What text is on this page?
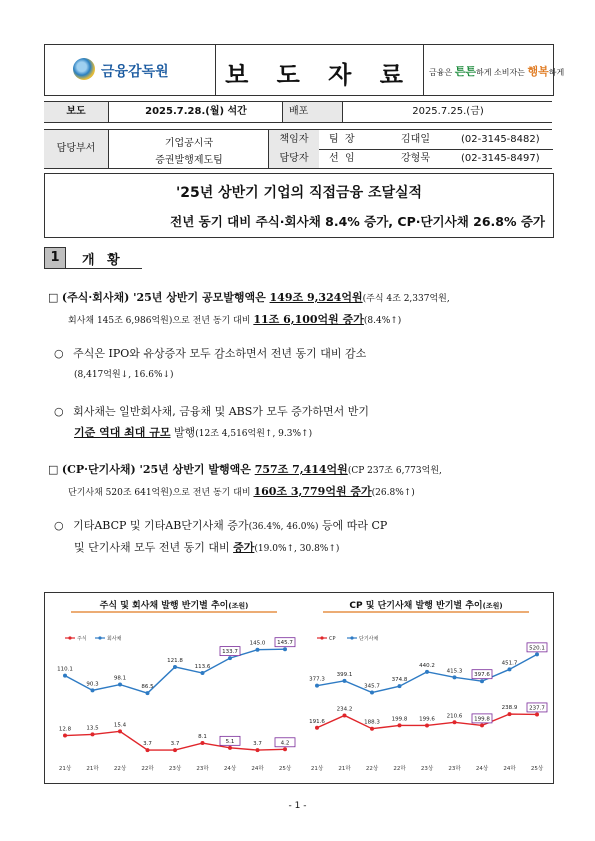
금융감독원	보 도 자 료	금융은 튼튼하게 소비자는 행복하게
보도	2025.7.28.(월) 석간	배포	2025.7.25.(금)
담당부서	기업공시국
증권발행제도팀
책임자	팀  장	김대일	(02-3145-8482)
담당자	선  임	강형묵	(02-3145-8497)
'25년 상반기 기업의 직접금융 조달실적
전년 동기 대비 주식·회사채 8.4% 증가, CP·단기사채 26.8% 증가
1	개 황
□ (주식·회사채) '25년 상반기 공모발행액은 149조 9,324억원(주식 4조 2,337억원,
회사채 145조 6,986억원)으로 전년 동기 대비 11조 6,100억원 증가(8.4%↑)
○ 주식은 IPO와 유상증자 모두 감소하면서 전년 동기 대비 감소
(8,417억원↓, 16.6%↓)
○ 회사채는 일반회사채, 금융채 및 ABS가 모두 증가하면서 반기
기준 역대 최대 규모 발행(12조 4,516억원↑, 9.3%↑)
□ (CP·단기사채) '25년 상반기 발행액은 757조 7,414억원(CP 237조 6,773억원,
단기사채 520조 641억원)으로 전년 동기 대비 160조 3,779억원 증가(26.8%↑)
○ 기타ABCP 및 기타AB단기사채 증가(36.4%, 46.0%) 등에 따라 CP
및 단기사채 모두 전년 동기 대비 증가(19.0%↑, 30.8%↑)
주식 및 회사채 발행 반기별 추이(조원)
주식	회사채
21상	21하	22상	22하	23상	23하	24상	24하	25상
12.8	13.5
15.4
3.7	3.7
8.1
5.1	3.7	4.2
110.1
90.3
98.1
86.5
121.8
113.6
133.7
145.0 145.7
CP 및 단기사채 발행 반기별 추이(조원)
CP	단기사채
21상	21하	22상	22하	23상	23하	24상	24하	25상
191.6
234.2
188.3
199.8 199.6
210.6
199.8
238.9 237.7
377.3
399.1
345.7
374.8
440.2
415.3
397.6
451.7
520.1
- 1 -
